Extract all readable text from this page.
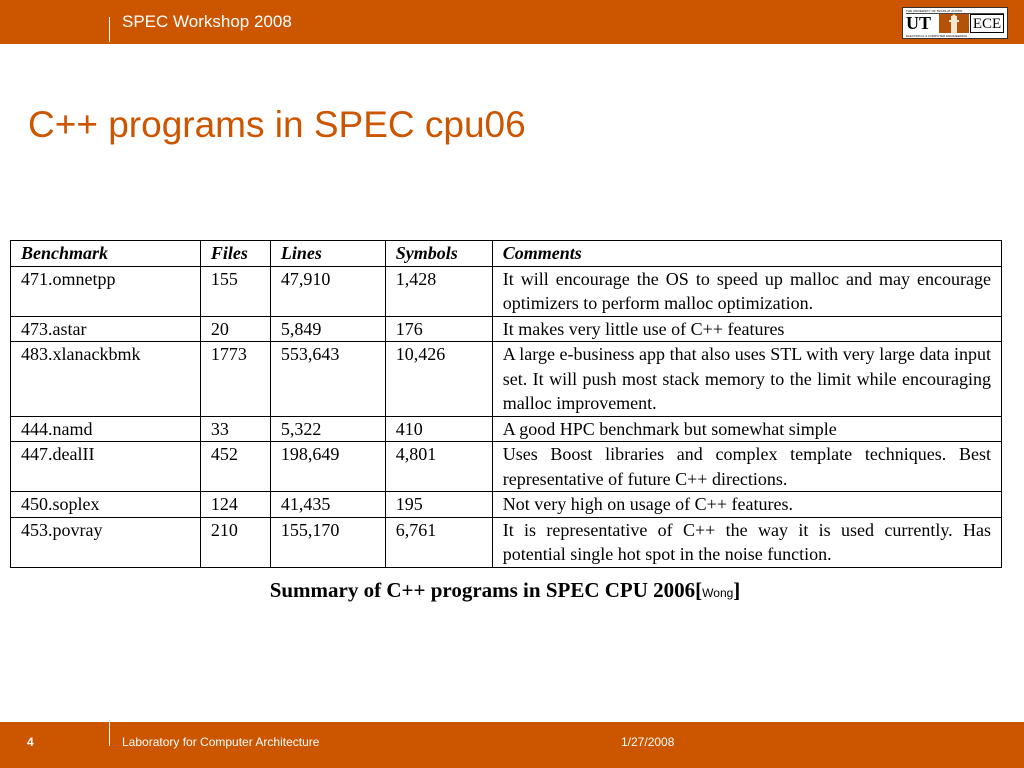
SPEC Workshop 2008
THE UNIVERSITY OF TEXAS AT AUSTIN
UT	ECE
ELECTRICAL & COMPUTER ENGINEERING
C++ programs in SPEC cpu06
Benchmark	Files	Lines	Symbols	Comments
471.omnetpp	155	47,910	1,428	It will encourage the OS to speed up malloc and may encourage optimizers to perform malloc optimization.
473.astar	20	5,849	176	It makes very little use of C++ features
483.xlanackbmk	1773	553,643	10,426	A large e-business app that also uses STL with very large data input set. It will push most stack memory to the limit while encouraging malloc improvement.
444.namd	33	5,322	410	A good HPC benchmark but somewhat simple
447.dealII	452	198,649	4,801	Uses Boost libraries and complex template techniques. Best representative of future C++ directions.
450.soplex	124	41,435	195	Not very high on usage of C++ features.
453.povray	210	155,170	6,761	It is representative of C++ the way it is used currently. Has potential single hot spot in the noise function.
Summary of C++ programs in SPEC CPU 2006[Wong]
4	Laboratory for Computer Architecture	1/27/2008
